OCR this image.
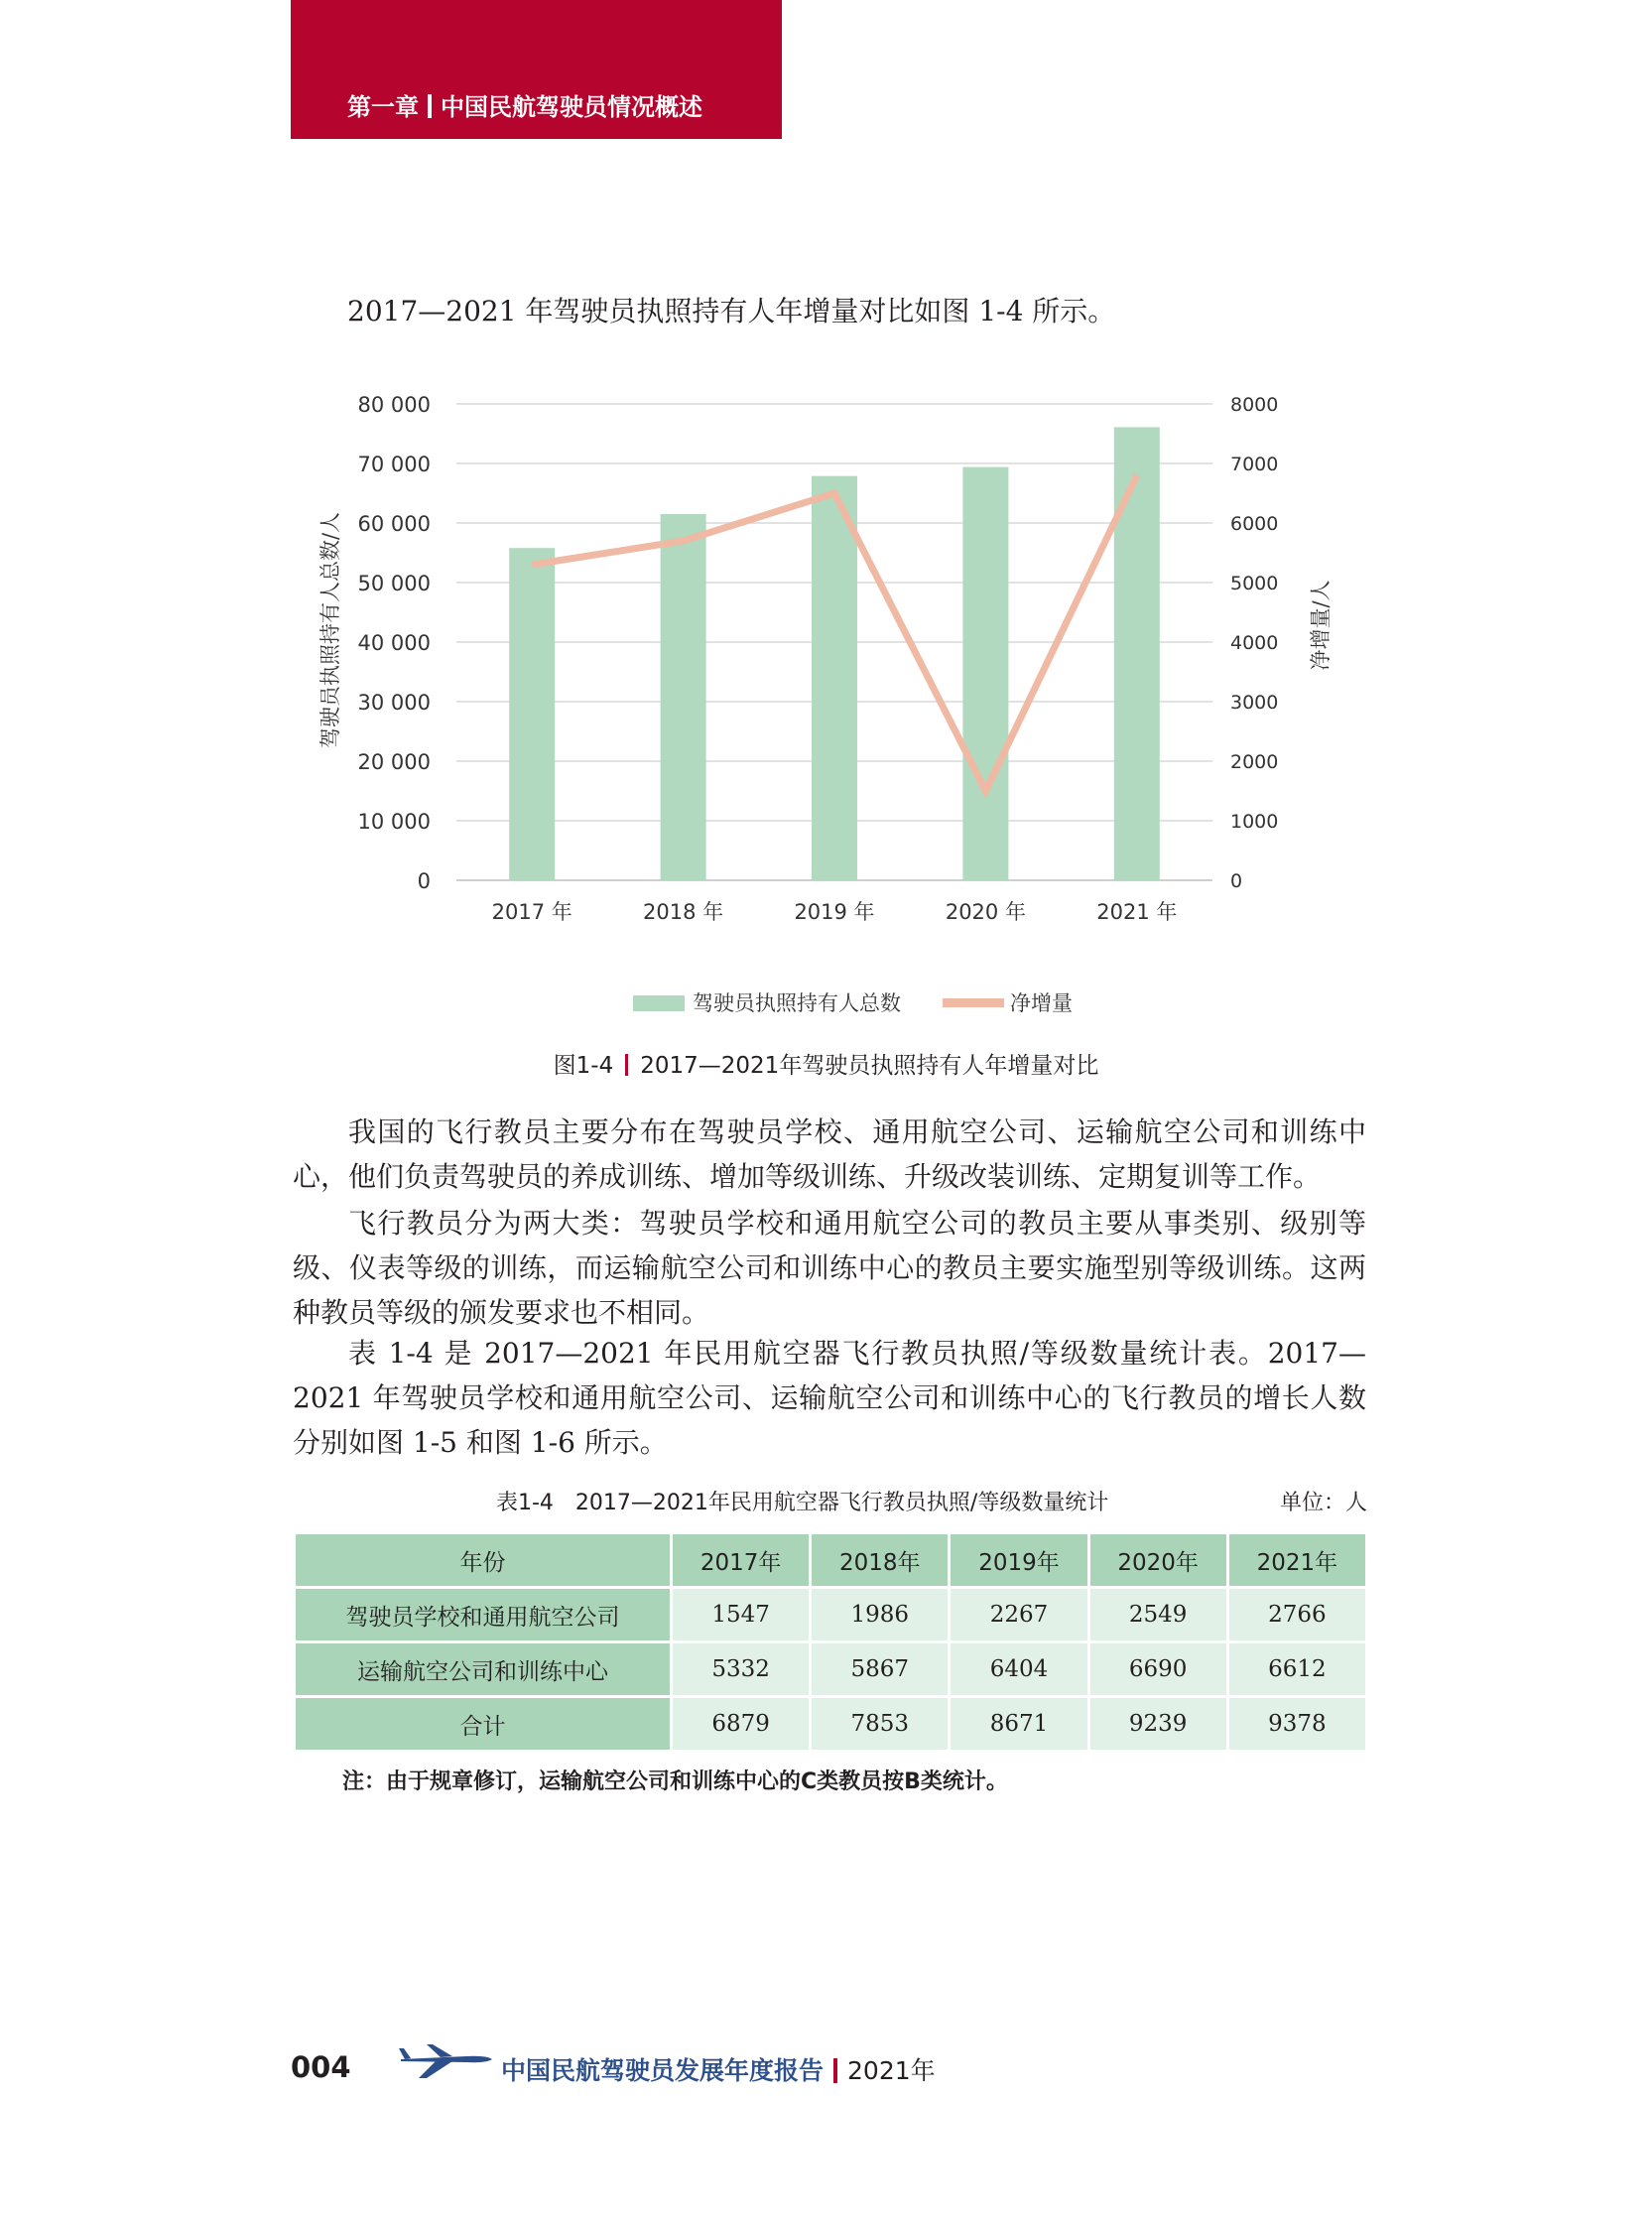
第一章 中国民航驾驶员情况概述
2017—2021 年驾驶员执照持有人年增量对比如图 1-4 所示。
0
10 000
20 000
30 000
40 000
50 000
60 000
70 000
80 000
0
1000
2000
3000
4000
5000
6000
7000
8000
2017 年	2018 年	2019 年	2020 年	2021 年
驾驶员执照持有人总数/人	净增量/人
驾驶员执照持有人总数	净增量
图1-4 2017—2021年驾驶员执照持有人年增量对比
我国的飞行教员主要分布在驾驶员学校、通用航空公司、运输航空公司和训练中心，他们负责驾驶员的养成训练、增加等级训练、升级改装训练、定期复训等工作。
飞行教员分为两大类：驾驶员学校和通用航空公司的教员主要从事类别、级别等级、仪表等级的训练，而运输航空公司和训练中心的教员主要实施型别等级训练。这两种教员等级的颁发要求也不相同。
表 1-4 是 2017—2021 年民用航空器飞行教员执照/等级数量统计表。2017—2021 年驾驶员学校和通用航空公司、运输航空公司和训练中心的飞行教员的增长人数分别如图 1-5 和图 1-6 所示。
表1-4　2017—2021年民用航空器飞行教员执照/等级数量统计	单位：人
年份	2017年	2018年	2019年	2020年	2021年
驾驶员学校和通用航空公司	1547	1986	2267	2549	2766
运输航空公司和训练中心	5332	5867	6404	6690	6612
合计	6879	7853	8671	9239	9378
注：由于规章修订，运输航空公司和训练中心的C类教员按B类统计。
004	中国民航驾驶员发展年度报告 2021年
